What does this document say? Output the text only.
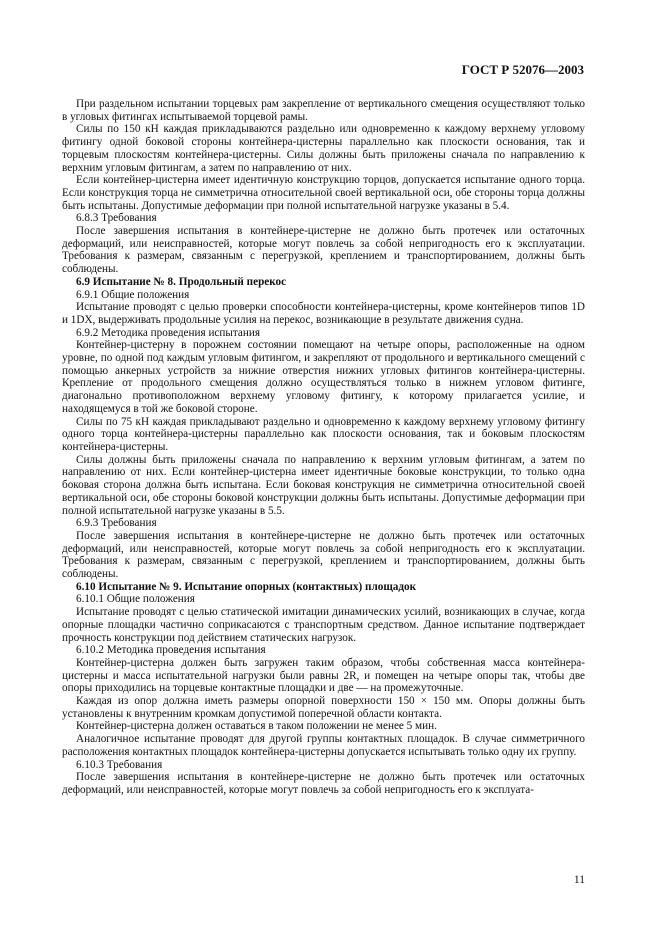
ГОСТ Р 52076—2003

При раздельном испытании торцевых рам закрепление от вертикального смещения осуществляют только в угловых фитингах испытываемой торцевой рамы.

Силы по 150 кН каждая прикладываются раздельно или одновременно к каждому верхнему угловому фитингу одной боковой стороны контейнера-цистерны параллельно как плоскости основания, так и торцевым плоскостям контейнера-цистерны. Силы должны быть приложены сначала по направлению к верхним угловым фитингам, а затем по направлению от них.

Если контейнер-цистерна имеет идентичную конструкцию торцов, допускается испытание одного торца. Если конструкция торца не симметрична относительной своей вертикальной оси, обе стороны торца должны быть испытаны. Допустимые деформации при полной испытательной нагрузке указаны в 5.4.

6.8.3 Требования

После завершения испытания в контейнере-цистерне не должно быть протечек или остаточных деформаций, или неисправностей, которые могут повлечь за собой непригодность его к эксплуатации. Требования к размерам, связанным с перегрузкой, креплением и транспортированием, должны быть соблюдены.

6.9 Испытание № 8. Продольный перекос

6.9.1 Общие положения

Испытание проводят с целью проверки способности контейнера-цистерны, кроме контейнеров типов 1D и 1DX, выдерживать продольные усилия на перекос, возникающие в результате движения судна.

6.9.2 Методика проведения испытания

Контейнер-цистерну в порожнем состоянии помещают на четыре опоры, расположенные на одном уровне, по одной под каждым угловым фитингом, и закрепляют от продольного и вертикального смещений с помощью анкерных устройств за нижние отверстия нижних угловых фитингов контейнера-цистерны. Крепление от продольного смещения должно осуществляться только в нижнем угловом фитинге, диагонально противоположном верхнему угловому фитингу, к которому прилагается усилие, и находящемуся в той же боковой стороне.

Силы по 75 кН каждая прикладывают раздельно и одновременно к каждому верхнему угловому фитингу одного торца контейнера-цистерны параллельно как плоскости основания, так и боковым плоскостям контейнера-цистерны.

Силы должны быть приложены сначала по направлению к верхним угловым фитингам, а затем по направлению от них. Если контейнер-цистерна имеет идентичные боковые конструкции, то только одна боковая сторона должна быть испытана. Если боковая конструкция не симметрична относительной своей вертикальной оси, обе стороны боковой конструкции должны быть испытаны. Допустимые деформации при полной испытательной нагрузке указаны в 5.5.

6.9.3 Требования

После завершения испытания в контейнере-цистерне не должно быть протечек или остаточных деформаций, или неисправностей, которые могут повлечь за собой непригодность его к эксплуатации. Требования к размерам, связанным с перегрузкой, креплением и транспортированием, должны быть соблюдены.

6.10 Испытание № 9. Испытание опорных (контактных) площадок

6.10.1 Общие положения

Испытание проводят с целью статической имитации динамических усилий, возникающих в случае, когда опорные площадки частично соприкасаются с транспортным средством. Данное испытание подтверждает прочность конструкции под действием статических нагрузок.

6.10.2 Методика проведения испытания

Контейнер-цистерна должен быть загружен таким образом, чтобы собственная масса контейнера-цистерны и масса испытательной нагрузки были равны 2R, и помещен на четыре опоры так, чтобы две опоры приходились на торцевые контактные площадки и две — на промежуточные.

Каждая из опор должна иметь размеры опорной поверхности 150 × 150 мм. Опоры должны быть установлены к внутренним кромкам допустимой поперечной области контакта.

Контейнер-цистерна должен оставаться в таком положении не менее 5 мин.

Аналогичное испытание проводят для другой группы контактных площадок. В случае симметричного расположения контактных площадок контейнера-цистерны допускается испытывать только одну их группу.

6.10.3 Требования

После завершения испытания в контейнере-цистерне не должно быть протечек или остаточных деформаций, или неисправностей, которые могут повлечь за собой непригодность его к эксплуата-

11
